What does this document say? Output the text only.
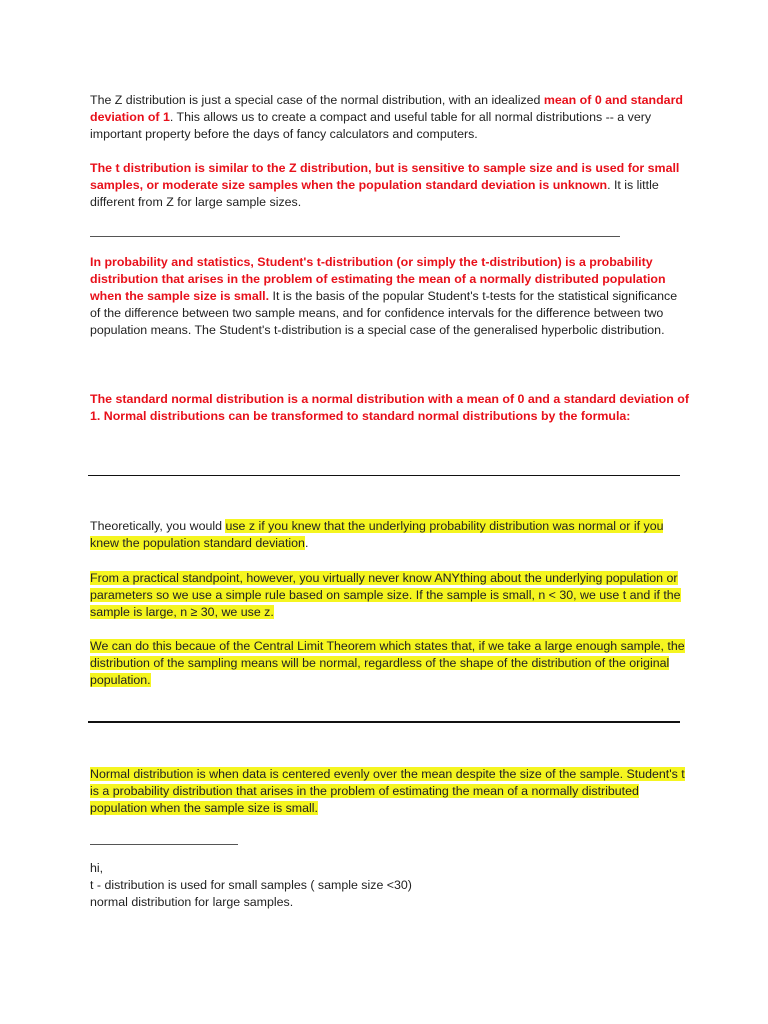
The Z distribution is just a special case of the normal distribution, with an idealized mean of 0 and standard deviation of 1. This allows us to create a compact and useful table for all normal distributions -- a very important property before the days of fancy calculators and computers.

The t distribution is similar to the Z distribution, but is sensitive to sample size and is used for small samples, or moderate size samples when the population standard deviation is unknown. It is little different from Z for large sample sizes.

In probability and statistics, Student's t-distribution (or simply the t-distribution) is a probability distribution that arises in the problem of estimating the mean of a normally distributed population when the sample size is small. It is the basis of the popular Student's t-tests for the statistical significance of the difference between two sample means, and for confidence intervals for the difference between two population means. The Student's t-distribution is a special case of the generalised hyperbolic distribution.

The standard normal distribution is a normal distribution with a mean of 0 and a standard deviation of 1. Normal distributions can be transformed to standard normal distributions by the formula:

Theoretically, you would use z if you knew that the underlying probability distribution was normal or if you knew the population standard deviation.

From a practical standpoint, however, you virtually never know ANYthing about the underlying population or parameters so we use a simple rule based on sample size. If the sample is small, n < 30, we use t and if the sample is large, n ≥ 30, we use z.

We can do this becaue of the Central Limit Theorem which states that, if we take a large enough sample, the distribution of the sampling means will be normal, regardless of the shape of the distribution of the original population.

Normal distribution is when data is centered evenly over the mean despite the size of the sample. Student's t is a probability distribution that arises in the problem of estimating the mean of a normally distributed population when the sample size is small.

hi,
t - distribution is used for small samples ( sample size <30)
normal distribution for large samples.
